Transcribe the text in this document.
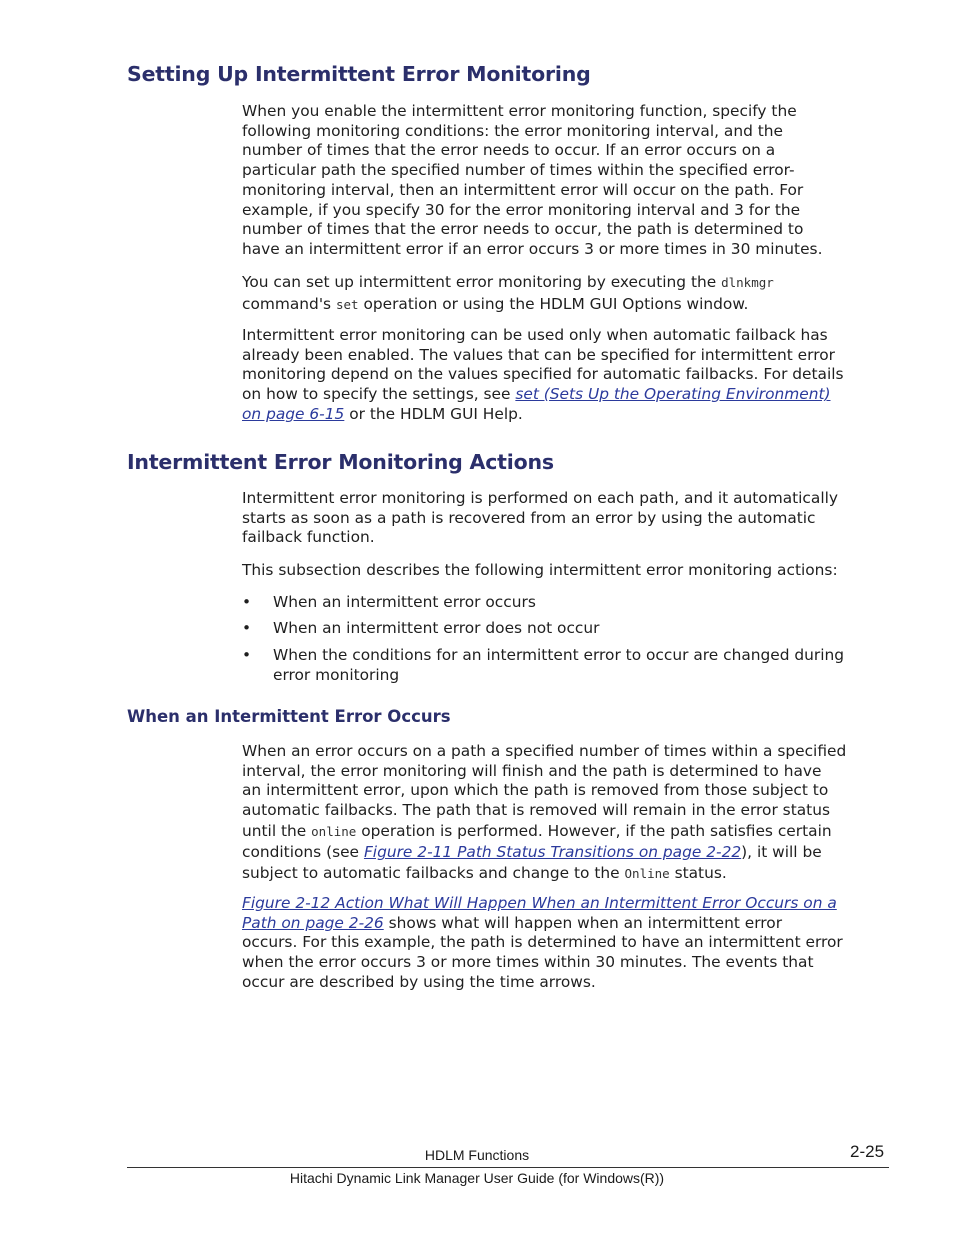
Setting Up Intermittent Error Monitoring
When you enable the intermittent error monitoring function, specify the
following monitoring conditions: the error monitoring interval, and the
number of times that the error needs to occur. If an error occurs on a
particular path the specified number of times within the specified error-
monitoring interval, then an intermittent error will occur on the path. For
example, if you specify 30 for the error monitoring interval and 3 for the
number of times that the error needs to occur, the path is determined to
have an intermittent error if an error occurs 3 or more times in 30 minutes.
You can set up intermittent error monitoring by executing the dlnkmgr
command's set operation or using the HDLM GUI Options window.
Intermittent error monitoring can be used only when automatic failback has
already been enabled. The values that can be specified for intermittent error
monitoring depend on the values specified for automatic failbacks. For details
on how to specify the settings, see set (Sets Up the Operating Environment)
on page 6-15 or the HDLM GUI Help.
Intermittent Error Monitoring Actions
Intermittent error monitoring is performed on each path, and it automatically
starts as soon as a path is recovered from an error by using the automatic
failback function.
This subsection describes the following intermittent error monitoring actions:
• When an intermittent error occurs
• When an intermittent error does not occur
• When the conditions for an intermittent error to occur are changed during
error monitoring
When an Intermittent Error Occurs
When an error occurs on a path a specified number of times within a specified
interval, the error monitoring will finish and the path is determined to have
an intermittent error, upon which the path is removed from those subject to
automatic failbacks. The path that is removed will remain in the error status
until the online operation is performed. However, if the path satisfies certain
conditions (see Figure 2-11 Path Status Transitions on page 2-22), it will be
subject to automatic failbacks and change to the Online status.
Figure 2-12 Action What Will Happen When an Intermittent Error Occurs on a
Path on page 2-26 shows what will happen when an intermittent error
occurs. For this example, the path is determined to have an intermittent error
when the error occurs 3 or more times within 30 minutes. The events that
occur are described by using the time arrows.
HDLM Functions	2-25
Hitachi Dynamic Link Manager User Guide (for Windows(R))
